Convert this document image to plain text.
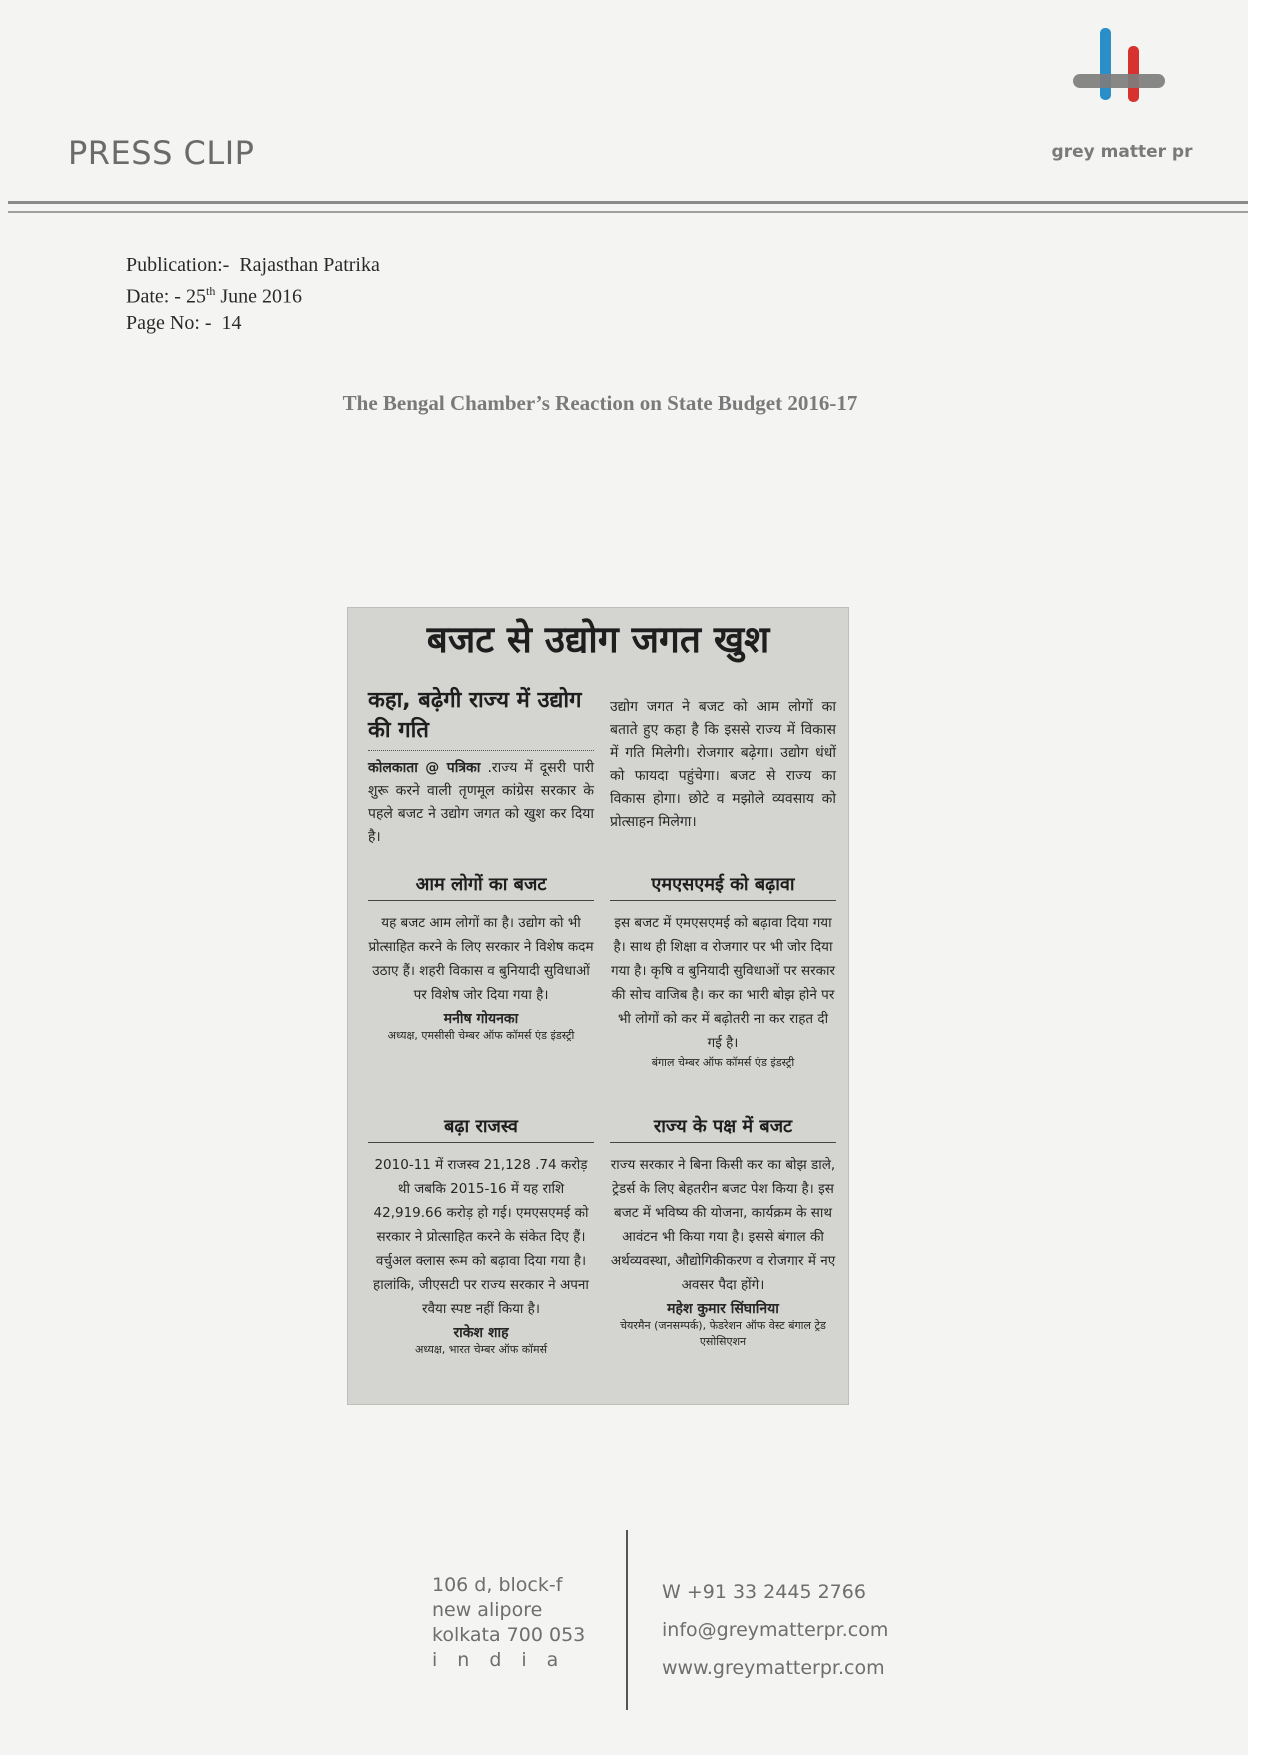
PRESS CLIP	grey matter pr
Publication:- Rajasthan Patrika
Date: - 25th June 2016
Page No: - 14
The Bengal Chamber’s Reaction on State Budget 2016-17
बजट से उद्योग जगत खुश
कहा, बढ़ेगी राज्य में उद्योग की गति
कोलकाता @ पत्रिका .राज्य में दूसरी पारी शुरू करने वाली तृणमूल कांग्रेस सरकार के पहले बजट ने उद्योग जगत को खुश कर दिया है।
उद्योग जगत ने बजट को आम लोगों का बताते हुए कहा है कि इससे राज्य में विकास में गति मिलेगी। रोजगार बढ़ेगा। उद्योग धंधों को फायदा पहुंचेगा। बजट से राज्य का विकास होगा। छोटे व मझोले व्यवसाय को प्रोत्साहन मिलेगा।
आम लोगों का बजट
यह बजट आम लोगों का है। उद्योग को भी प्रोत्साहित करने के लिए सरकार ने विशेष कदम उठाए हैं। शहरी विकास व बुनियादी सुविधाओं पर विशेष जोर दिया गया है।
मनीष गोयनका
अध्यक्ष, एमसीसी चेम्बर ऑफ कॉमर्स एंड इंडस्ट्री
एमएसएमई को बढ़ावा
इस बजट में एमएसएमई को बढ़ावा दिया गया है। साथ ही शिक्षा व रोजगार पर भी जोर दिया गया है। कृषि व बुनियादी सुविधाओं पर सरकार की सोच वाजिब है। कर का भारी बोझ होने पर भी लोगों को कर में बढ़ोतरी ना कर राहत दी गई है।
बंगाल चेम्बर ऑफ कॉमर्स एंड इंडस्ट्री
बढ़ा राजस्व
2010-11 में राजस्व 21,128 .74 करोड़ थी जबकि 2015-16 में यह राशि 42,919.66 करोड़ हो गई। एमएसएमई को सरकार ने प्रोत्साहित करने के संकेत दिए हैं। वर्चुअल क्लास रूम को बढ़ावा दिया गया है। हालांकि, जीएसटी पर राज्य सरकार ने अपना रवैया स्पष्ट नहीं किया है।
राकेश शाह
अध्यक्ष, भारत चेम्बर ऑफ कॉमर्स
राज्य के पक्ष में बजट
राज्य सरकार ने बिना किसी कर का बोझ डाले, ट्रेडर्स के लिए बेहतरीन बजट पेश किया है। इस बजट में भविष्य की योजना, कार्यक्रम के साथ आवंटन भी किया गया है। इससे बंगाल की अर्थव्यवस्था, औद्योगिकीकरण व रोजगार में नए अवसर पैदा होंगे।
महेश कुमार सिंघानिया
चेयरमैन (जनसम्पर्क), फेडरेशन ऑफ वेस्ट बंगाल ट्रेड एसोसिएशन
106 d, block-f
new alipore
kolkata 700 053
india
W +91 33 2445 2766
info@greymatterpr.com
www.greymatterpr.com
